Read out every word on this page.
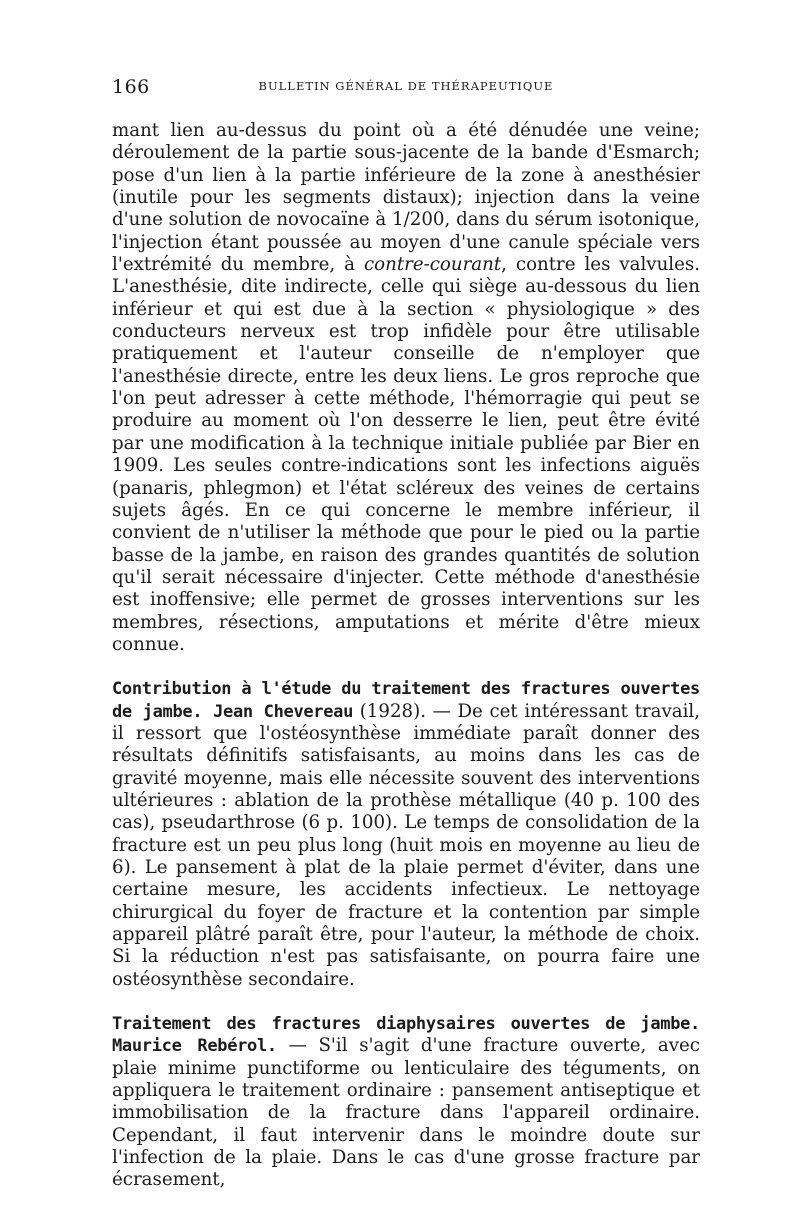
166	BULLETIN GÉNÉRAL DE THÉRAPEUTIQUE

mant lien au-dessus du point où a été dénudée une veine; déroulement de la partie sous-jacente de la bande d'Esmarch; pose d'un lien à la partie inférieure de la zone à anesthésier (inutile pour les segments distaux); injection dans la veine d'une solution de novocaïne à 1/200, dans du sérum isotonique, l'injection étant poussée au moyen d'une canule spéciale vers l'extrémité du membre, à contre-courant, contre les valvules. L'anesthésie, dite indirecte, celle qui siège au-dessous du lien inférieur et qui est due à la section « physiologique » des conducteurs nerveux est trop infidèle pour être utilisable pratiquement et l'auteur conseille de n'employer que l'anesthésie directe, entre les deux liens. Le gros reproche que l'on peut adresser à cette méthode, l'hémorragie qui peut se produire au moment où l'on desserre le lien, peut être évité par une modification à la technique initiale publiée par Bier en 1909. Les seules contre-indications sont les infections aiguës (panaris, phlegmon) et l'état scléreux des veines de certains sujets âgés. En ce qui concerne le membre inférieur, il convient de n'utiliser la méthode que pour le pied ou la partie basse de la jambe, en raison des grandes quantités de solution qu'il serait nécessaire d'injecter. Cette méthode d'anesthésie est inoffensive; elle permet de grosses interventions sur les membres, résections, amputations et mérite d'être mieux connue.

Contribution à l'étude du traitement des fractures ouvertes de jambe. Jean Chevereau (1928). — De cet intéressant travail, il ressort que l'ostéosynthèse immédiate paraît donner des résultats définitifs satisfaisants, au moins dans les cas de gravité moyenne, mais elle nécessite souvent des interventions ultérieures : ablation de la prothèse métallique (40 p. 100 des cas), pseudarthrose (6 p. 100). Le temps de consolidation de la fracture est un peu plus long (huit mois en moyenne au lieu de 6). Le pansement à plat de la plaie permet d'éviter, dans une certaine mesure, les accidents infectieux. Le nettoyage chirurgical du foyer de fracture et la contention par simple appareil plâtré paraît être, pour l'auteur, la méthode de choix. Si la réduction n'est pas satisfaisante, on pourra faire une ostéosynthèse secondaire.

Traitement des fractures diaphysaires ouvertes de jambe. Maurice Rebérol. — S'il s'agit d'une fracture ouverte, avec plaie minime punctiforme ou lenticulaire des téguments, on appliquera le traitement ordinaire : pansement antiseptique et immobilisation de la fracture dans l'appareil ordinaire. Cependant, il faut intervenir dans le moindre doute sur l'infection de la plaie. Dans le cas d'une grosse fracture par écrasement,
